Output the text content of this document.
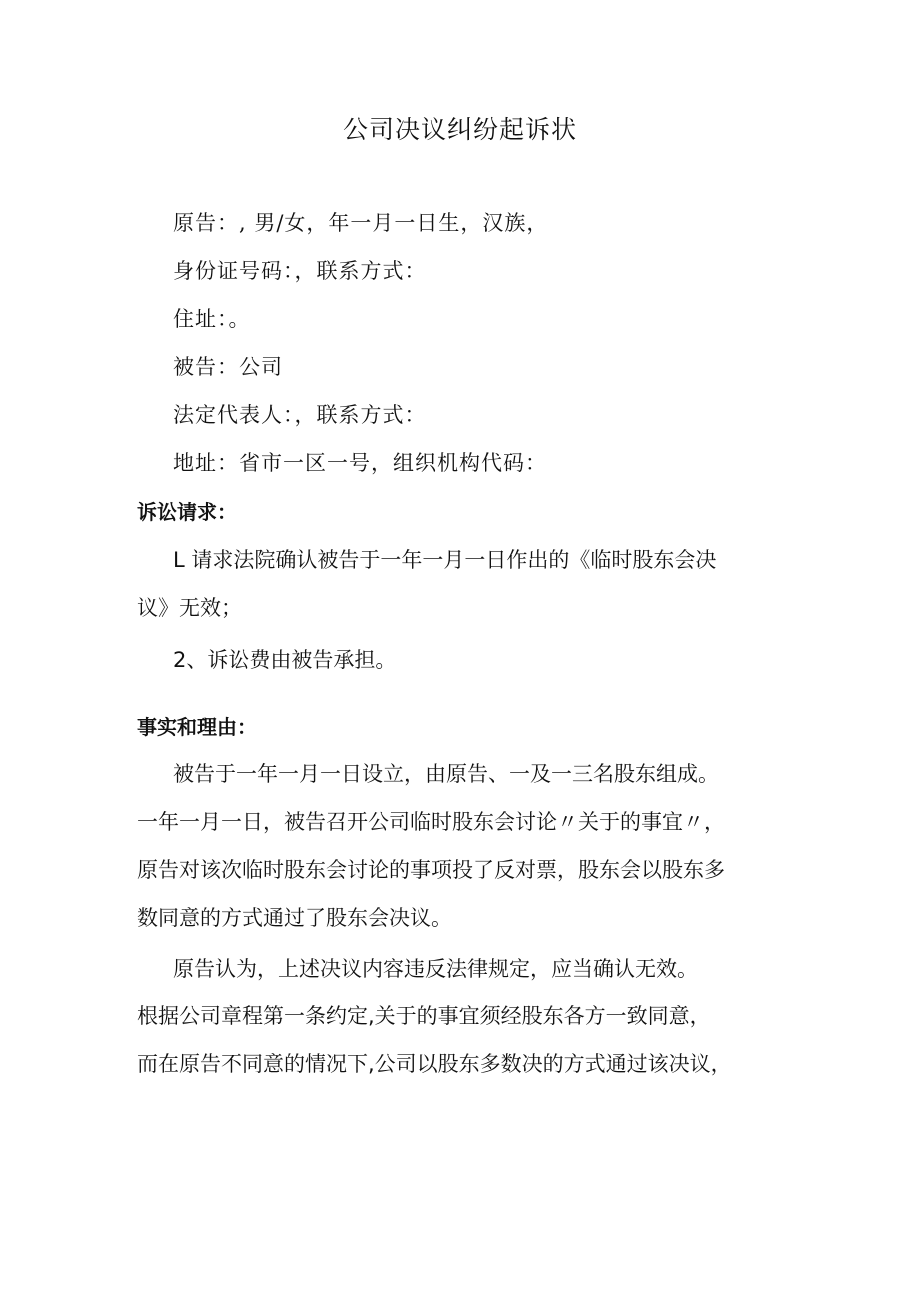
公司决议纠纷起诉状
原告：, 男/女，年一月一日生，汉族，
身份证号码：，联系方式：
住址：。
被告：公司
法定代表人：，联系方式：
地址：省市一区一号，组织机构代码：
诉讼请求：
L 请求法院确认被告于一年一月一日作出的《临时股东会决
议》无效；
2、诉讼费由被告承担。
事实和理由：
被告于一年一月一日设立，由原告、一及一三名股东组成。
一年一月一日，被告召开公司临时股东会讨论〃关于的事宜〃，
原告对该次临时股东会讨论的事项投了反对票，股东会以股东多
数同意的方式通过了股东会决议。
原告认为，上述决议内容违反法律规定，应当确认无效。
根据公司章程第一条约定,关于的事宜须经股东各方一致同意，
而在原告不同意的情况下,公司以股东多数决的方式通过该决议，
